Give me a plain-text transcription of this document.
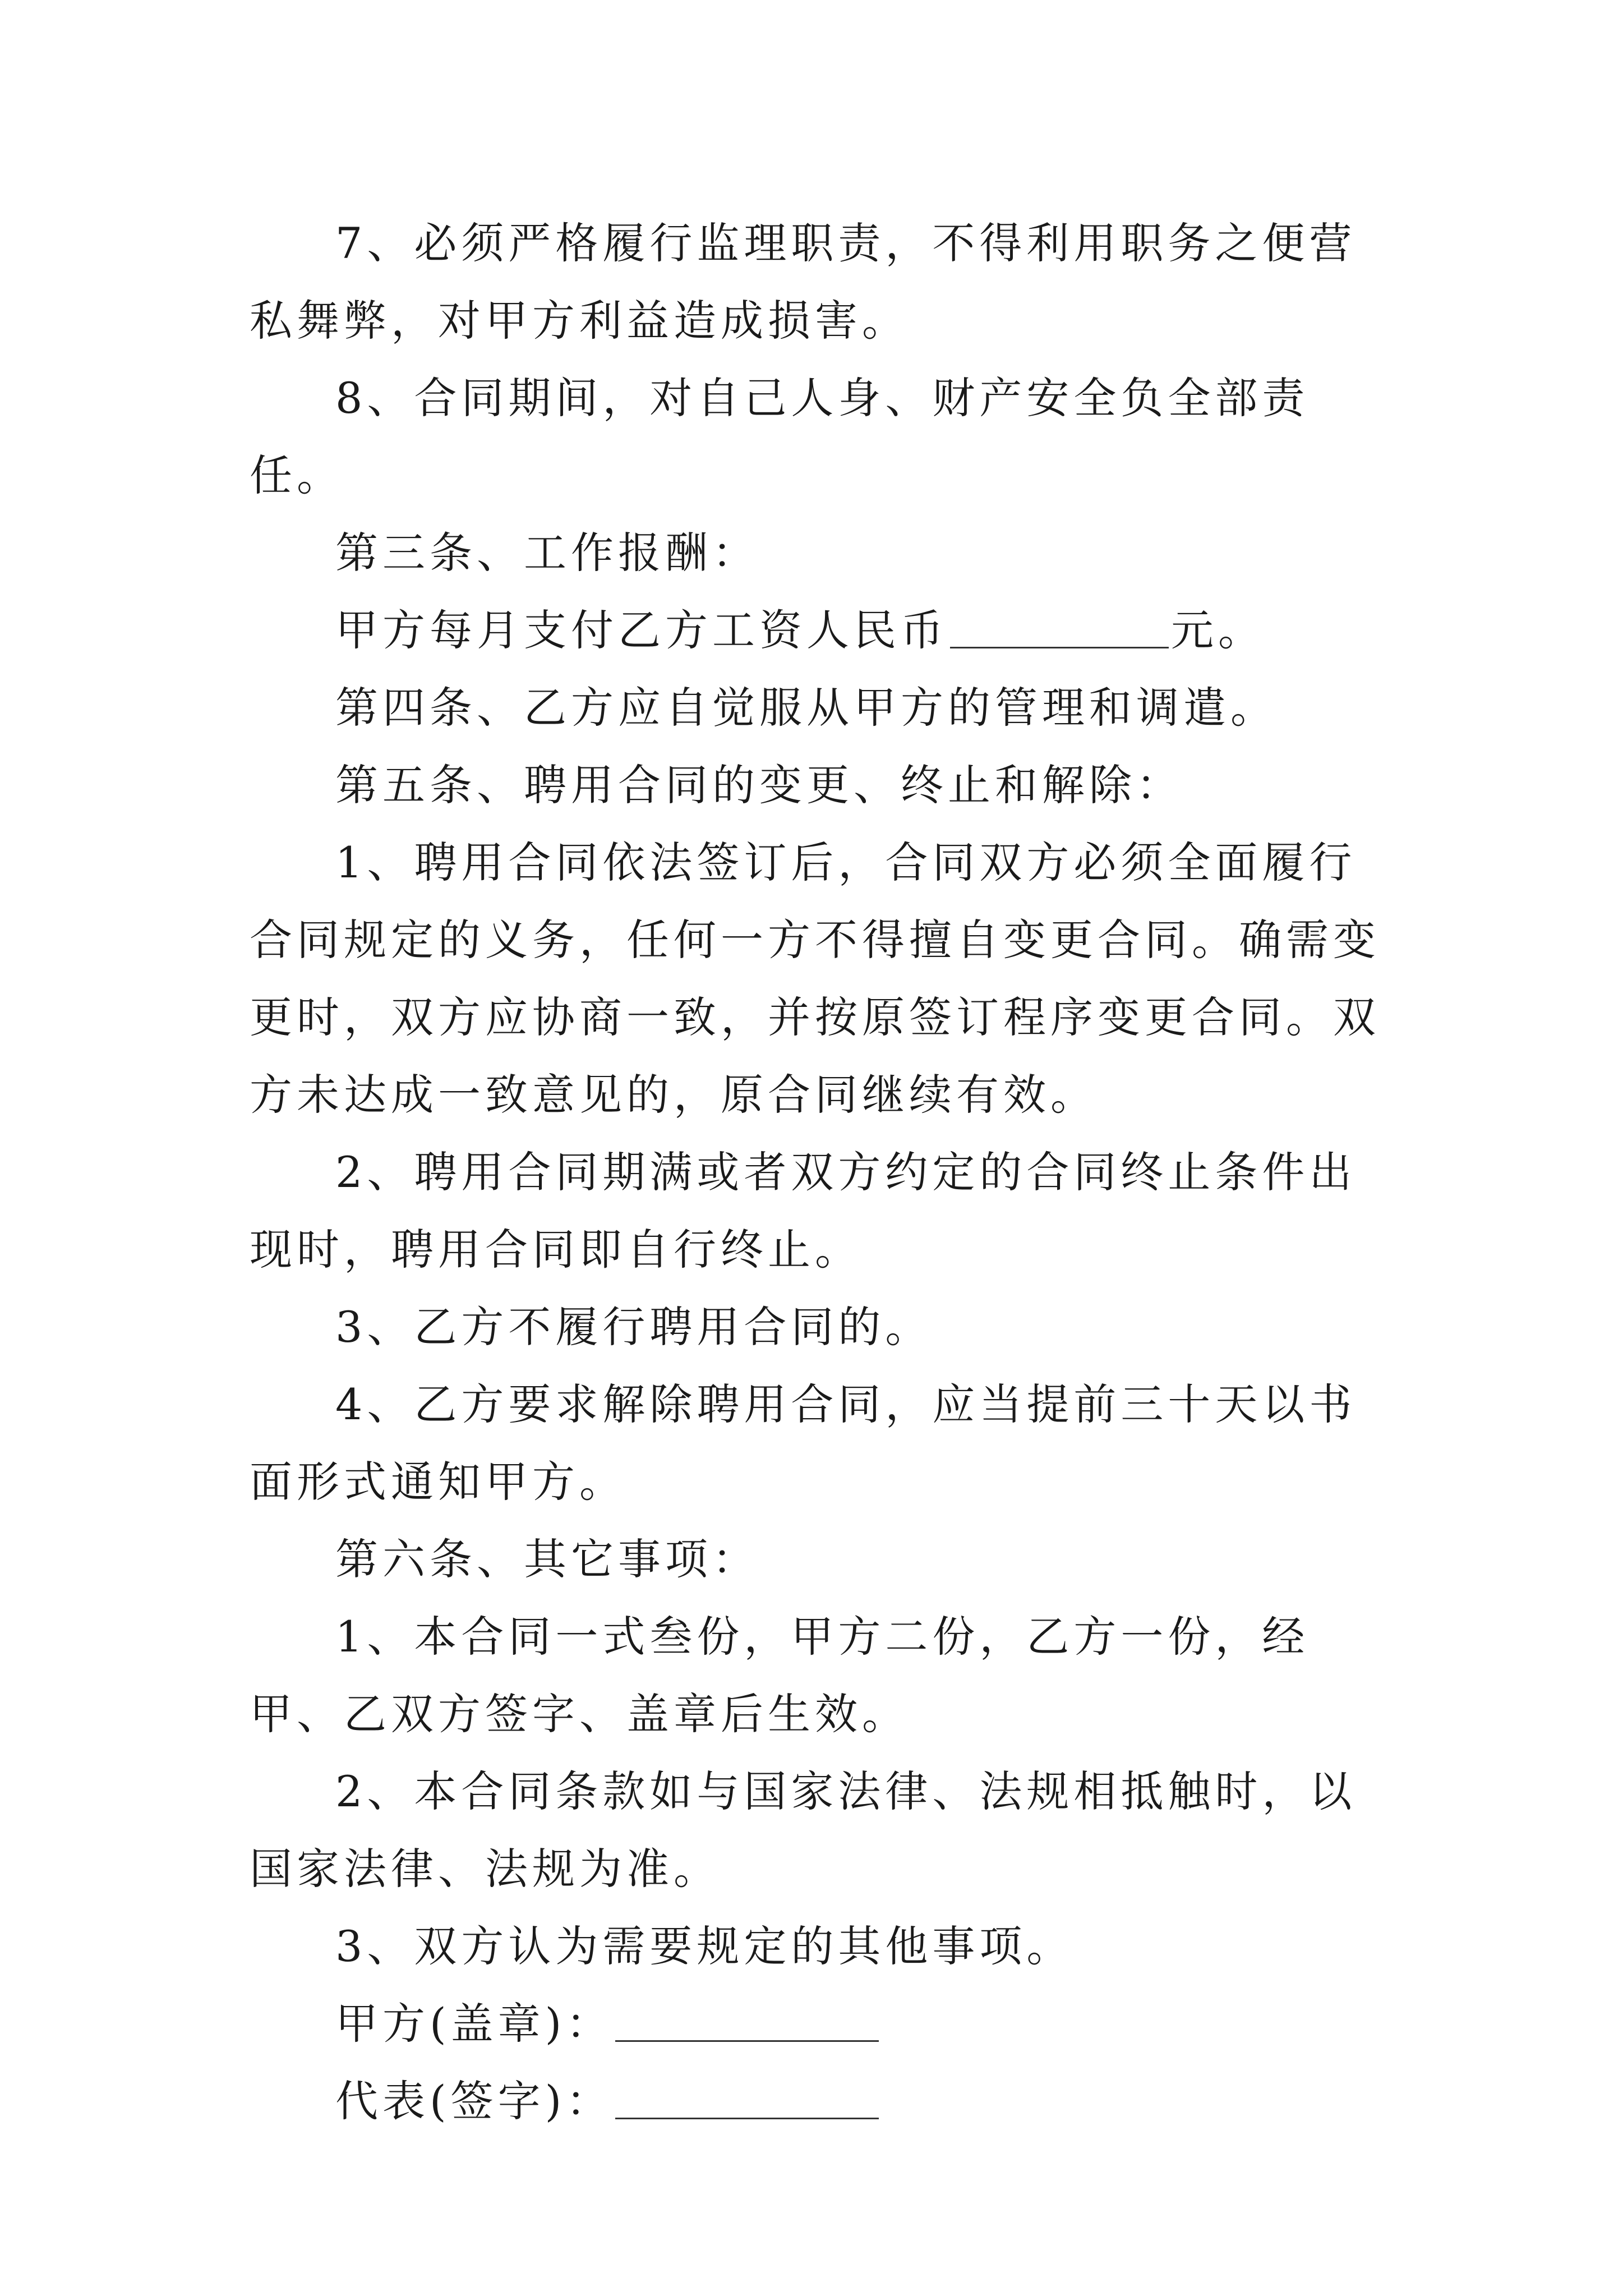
7、必须严格履行监理职责，不得利用职务之便营私舞弊，对甲方利益造成损害。

8、合同期间，对自己人身、财产安全负全部责任。

第三条、工作报酬：

甲方每月支付乙方工资人民币	元。

第四条、乙方应自觉服从甲方的管理和调遣。

第五条、聘用合同的变更、终止和解除：

1、聘用合同依法签订后，合同双方必须全面履行合同规定的义务，任何一方不得擅自变更合同。确需变更时，双方应协商一致，并按原签订程序变更合同。双方未达成一致意见的，原合同继续有效。

2、聘用合同期满或者双方约定的合同终止条件出现时，聘用合同即自行终止。

3、乙方不履行聘用合同的。

4、乙方要求解除聘用合同，应当提前三十天以书面形式通知甲方。

第六条、其它事项：

1、本合同一式叁份，甲方二份，乙方一份，经甲、乙双方签字、盖章后生效。

2、本合同条款如与国家法律、法规相抵触时，以国家法律、法规为准。

3、双方认为需要规定的其他事项。

甲方(盖章)：

代表(签字)：
